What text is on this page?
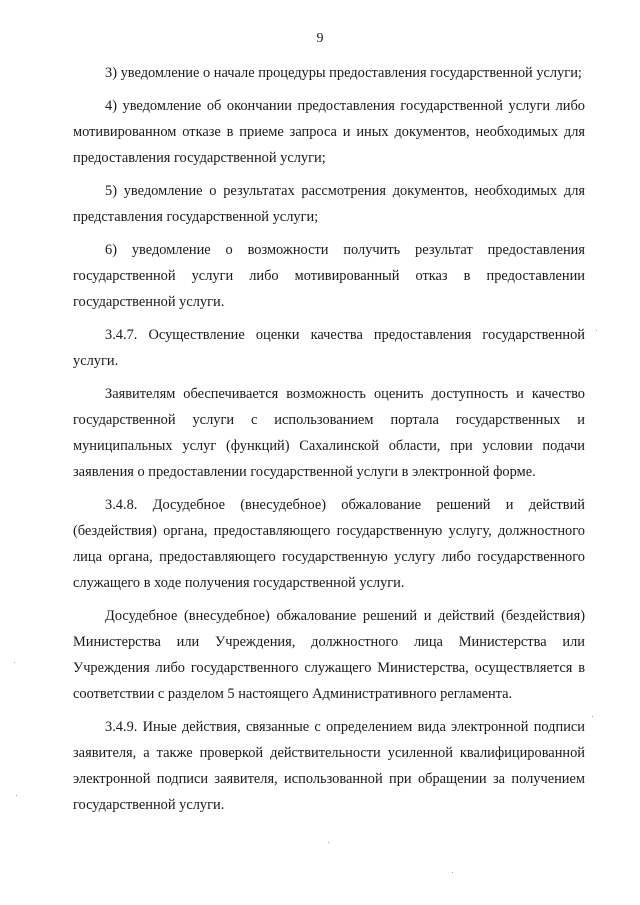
9

3) уведомление о начале процедуры предоставления государственной услуги;

4) уведомление об окончании предоставления государственной услуги либо мотивированном отказе в приеме запроса и иных документов, необходимых для предоставления государственной услуги;

5) уведомление о результатах рассмотрения документов, необходимых для представления государственной услуги;

6) уведомление о возможности получить результат предоставления государственной услуги либо мотивированный отказ в предоставлении государственной услуги.

3.4.7. Осуществление оценки качества предоставления государственной услуги.

Заявителям обеспечивается возможность оценить доступность и качество государственной услуги с использованием портала государственных и муниципальных услуг (функций) Сахалинской области, при условии подачи заявления о предоставлении государственной услуги в электронной форме.

3.4.8. Досудебное (внесудебное) обжалование решений и действий (бездействия) органа, предоставляющего государственную услугу, должностного лица органа, предоставляющего государственную услугу либо государственного служащего в ходе получения государственной услуги.

Досудебное (внесудебное) обжалование решений и действий (бездействия) Министерства или Учреждения, должностного лица Министерства или Учреждения либо государственного служащего Министерства, осуществляется в соответствии с разделом 5 настоящего Административного регламента.

3.4.9. Иные действия, связанные с определением вида электронной подписи заявителя, а также проверкой действительности усиленной квалифицированной электронной подписи заявителя, использованной при обращении за получением государственной услуги.
